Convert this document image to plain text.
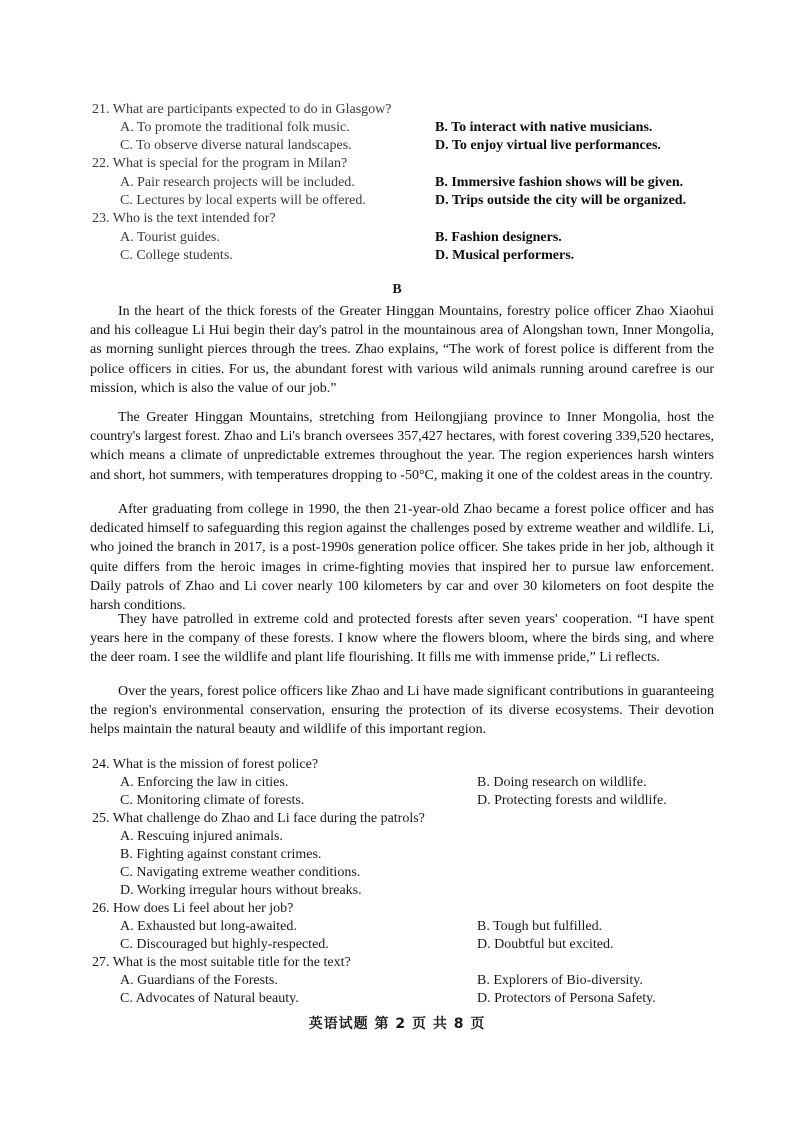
21. What are participants expected to do in Glasgow?
A. To promote the traditional folk music.	B. To interact with native musicians.
C. To observe diverse natural landscapes.	D. To enjoy virtual live performances.
22. What is special for the program in Milan?
A. Pair research projects will be included.	B. Immersive fashion shows will be given.
C. Lectures by local experts will be offered.	D. Trips outside the city will be organized.
23. Who is the text intended for?
A. Tourist guides.	B. Fashion designers.
C. College students.	D. Musical performers.
B

In the heart of the thick forests of the Greater Hinggan Mountains, forestry police officer Zhao Xiaohui and his colleague Li Hui begin their day's patrol in the mountainous area of Alongshan town, Inner Mongolia, as morning sunlight pierces through the trees. Zhao explains, “The work of forest police is different from the police officers in cities. For us, the abundant forest with various wild animals running around carefree is our mission, which is also the value of our job.”

The Greater Hinggan Mountains, stretching from Heilongjiang province to Inner Mongolia, host the country's largest forest. Zhao and Li's branch oversees 357,427 hectares, with forest covering 339,520 hectares, which means a climate of unpredictable extremes throughout the year. The region experiences harsh winters and short, hot summers, with temperatures dropping to -50°C, making it one of the coldest areas in the country.

After graduating from college in 1990, the then 21-year-old Zhao became a forest police officer and has dedicated himself to safeguarding this region against the challenges posed by extreme weather and wildlife. Li, who joined the branch in 2017, is a post-1990s generation police officer. She takes pride in her job, although it quite differs from the heroic images in crime-fighting movies that inspired her to pursue law enforcement. Daily patrols of Zhao and Li cover nearly 100 kilometers by car and over 30 kilometers on foot despite the harsh conditions.

They have patrolled in extreme cold and protected forests after seven years' cooperation. “I have spent years here in the company of these forests. I know where the flowers bloom, where the birds sing, and where the deer roam. I see the wildlife and plant life flourishing. It fills me with immense pride,” Li reflects.

Over the years, forest police officers like Zhao and Li have made significant contributions in guaranteeing the region's environmental conservation, ensuring the protection of its diverse ecosystems. Their devotion helps maintain the natural beauty and wildlife of this important region.

24. What is the mission of forest police?
A. Enforcing the law in cities.	B. Doing research on wildlife.
C. Monitoring climate of forests.	D. Protecting forests and wildlife.
25. What challenge do Zhao and Li face during the patrols?
A. Rescuing injured animals.
B. Fighting against constant crimes.
C. Navigating extreme weather conditions.
D. Working irregular hours without breaks.
26. How does Li feel about her job?
A. Exhausted but long-awaited.	B. Tough but fulfilled.
C. Discouraged but highly-respected.	D. Doubtful but excited.
27. What is the most suitable title for the text?
A. Guardians of the Forests.	B. Explorers of Bio-diversity.
C. Advocates of Natural beauty.	D. Protectors of Persona Safety.
英语试题 第 2 页 共 8 页
